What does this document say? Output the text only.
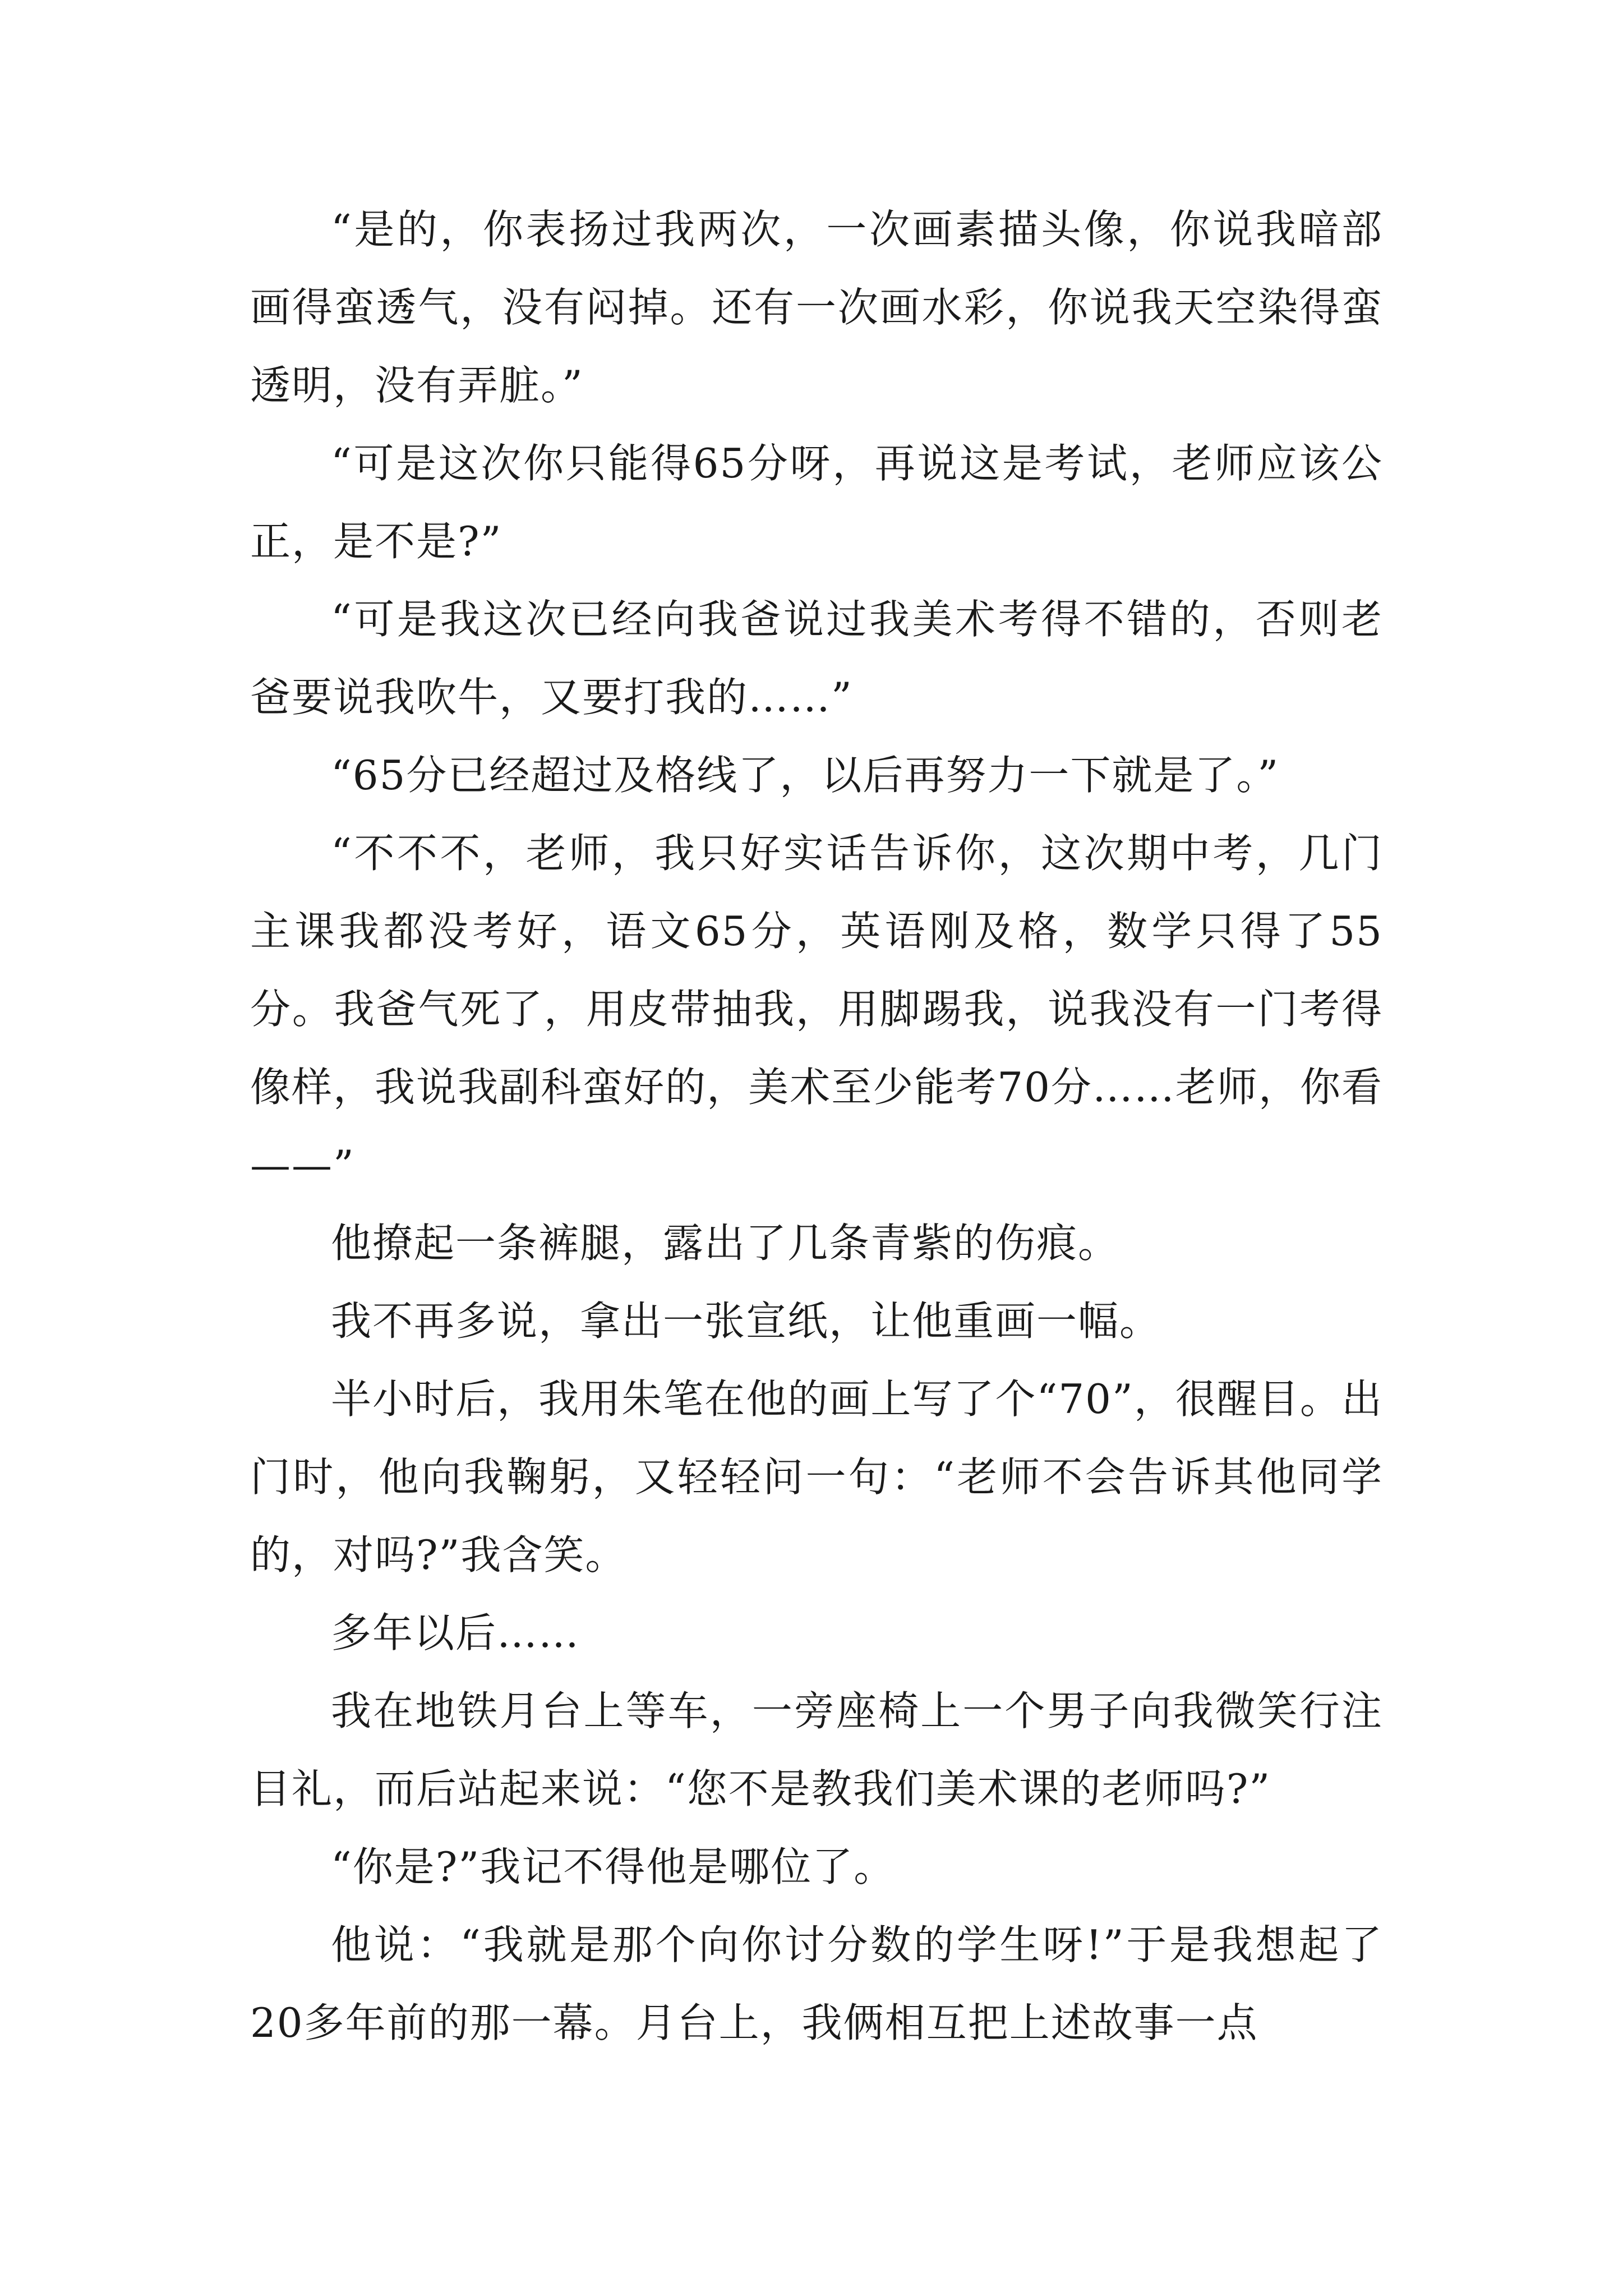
“是的，你表扬过我两次，一次画素描头像，你说我暗部画得蛮透气，没有闷掉。还有一次画水彩，你说我天空染得蛮透明，没有弄脏。”

“可是这次你只能得65分呀，再说这是考试，老师应该公正，是不是?”

“可是我这次已经向我爸说过我美术考得不错的，否则老爸要说我吹牛，又要打我的……”

“65分已经超过及格线了，以后再努力一下就是了。”

“不不不，老师，我只好实话告诉你，这次期中考，几门主课我都没考好，语文65分，英语刚及格，数学只得了55分。我爸气死了，用皮带抽我，用脚踢我，说我没有一门考得像样，我说我副科蛮好的，美术至少能考70分……老师，你看——”

他撩起一条裤腿，露出了几条青紫的伤痕。

我不再多说，拿出一张宣纸，让他重画一幅。

半小时后，我用朱笔在他的画上写了个“70”，很醒目。出门时，他向我鞠躬，又轻轻问一句：“老师不会告诉其他同学的，对吗?”我含笑。

多年以后……

我在地铁月台上等车，一旁座椅上一个男子向我微笑行注目礼，而后站起来说：“您不是教我们美术课的老师吗?”

“你是?”我记不得他是哪位了。

他说：“我就是那个向你讨分数的学生呀!”于是我想起了20多年前的那一幕。月台上，我俩相互把上述故事一点
